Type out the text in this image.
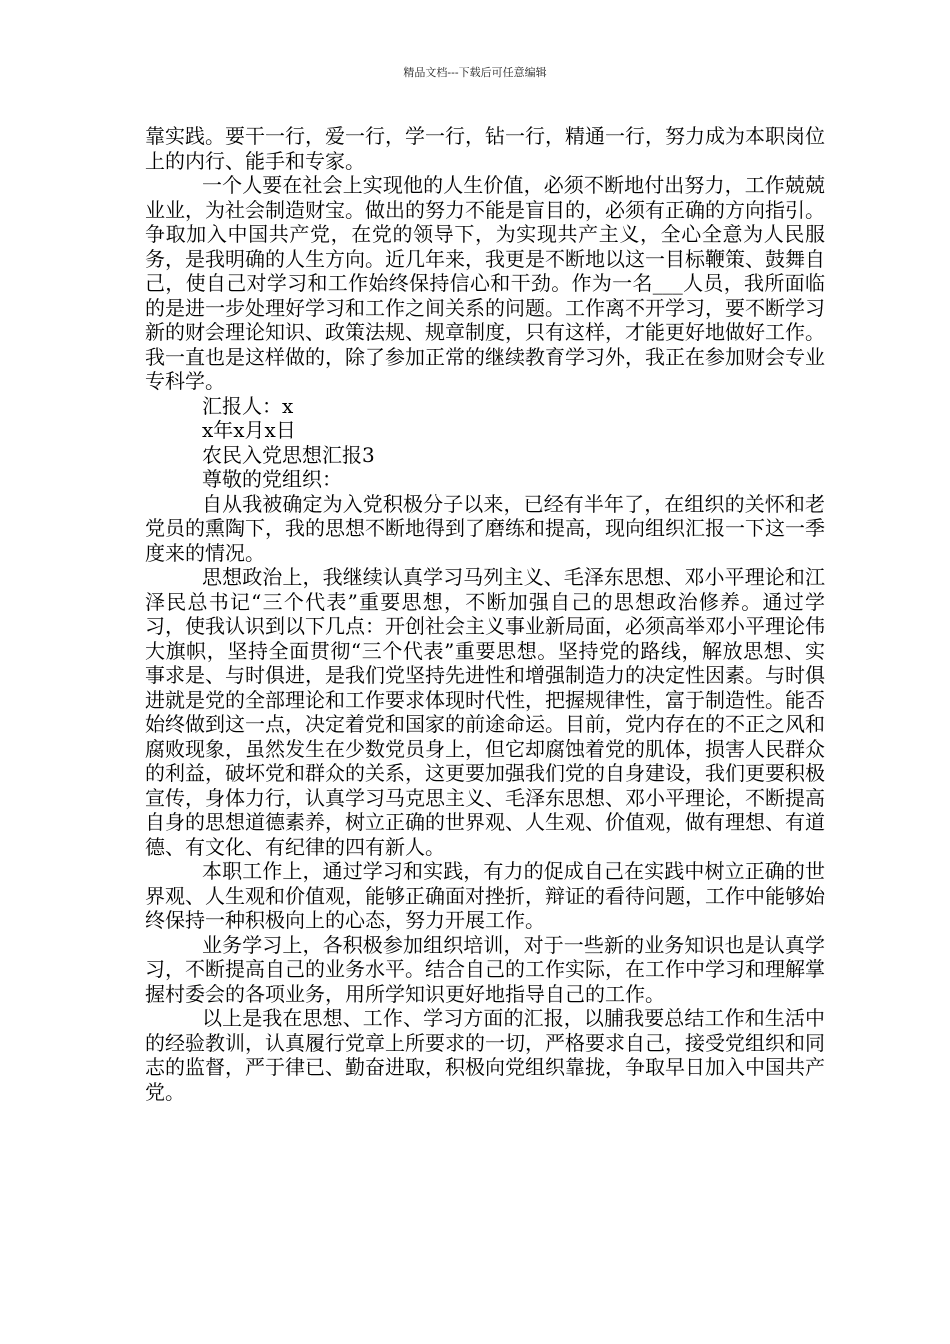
精品文档---下载后可任意编辑

靠实践。要干一行，爱一行，学一行，钻一行，精通一行，努力成为本职岗位上的内行、能手和专家。

一个人要在社会上实现他的人生价值，必须不断地付出努力，工作兢兢业业，为社会制造财宝。做出的努力不能是盲目的，必须有正确的方向指引。争取加入中国共产党，在党的领导下，为实现共产主义，全心全意为人民服务，是我明确的人生方向。近几年来，我更是不断地以这一目标鞭策、鼓舞自己，使自己对学习和工作始终保持信心和干劲。作为一名___人员，我所面临的是进一步处理好学习和工作之间关系的问题。工作离不开学习，要不断学习新的财会理论知识、政策法规、规章制度，只有这样，才能更好地做好工作。我一直也是这样做的，除了参加正常的继续教育学习外，我正在参加财会专业专科学。

汇报人：x

x年x月x日

农民入党思想汇报3

尊敬的党组织：

自从我被确定为入党积极分子以来，已经有半年了，在组织的关怀和老党员的熏陶下，我的思想不断地得到了磨练和提高，现向组织汇报一下这一季度来的情况。

思想政治上，我继续认真学习马列主义、毛泽东思想、邓小平理论和江泽民总书记“三个代表”重要思想，不断加强自己的思想政治修养。通过学习，使我认识到以下几点：开创社会主义事业新局面，必须高举邓小平理论伟大旗帜，坚持全面贯彻“三个代表”重要思想。坚持党的路线，解放思想、实事求是、与时俱进，是我们党坚持先进性和增强制造力的决定性因素。与时俱进就是党的全部理论和工作要求体现时代性，把握规律性，富于制造性。能否始终做到这一点，决定着党和国家的前途命运。目前，党内存在的不正之风和腐败现象，虽然发生在少数党员身上，但它却腐蚀着党的肌体，损害人民群众的利益，破坏党和群众的关系，这更要加强我们党的自身建设，我们更要积极宣传，身体力行，认真学习马克思主义、毛泽东思想、邓小平理论，不断提高自身的思想道德素养，树立正确的世界观、人生观、价值观，做有理想、有道德、有文化、有纪律的四有新人。

本职工作上，通过学习和实践，有力的促成自己在实践中树立正确的世界观、人生观和价值观，能够正确面对挫折，辩证的看待问题，工作中能够始终保持一种积极向上的心态，努力开展工作。

业务学习上，各积极参加组织培训，对于一些新的业务知识也是认真学习，不断提高自己的业务水平。结合自己的工作实际，在工作中学习和理解掌握村委会的各项业务，用所学知识更好地指导自己的工作。

以上是我在思想、工作、学习方面的汇报，以脯我要总结工作和生活中的经验教训，认真履行党章上所要求的一切，严格要求自己，接受党组织和同志的监督，严于律已、勤奋进取，积极向党组织靠拢，争取早日加入中国共产党。
